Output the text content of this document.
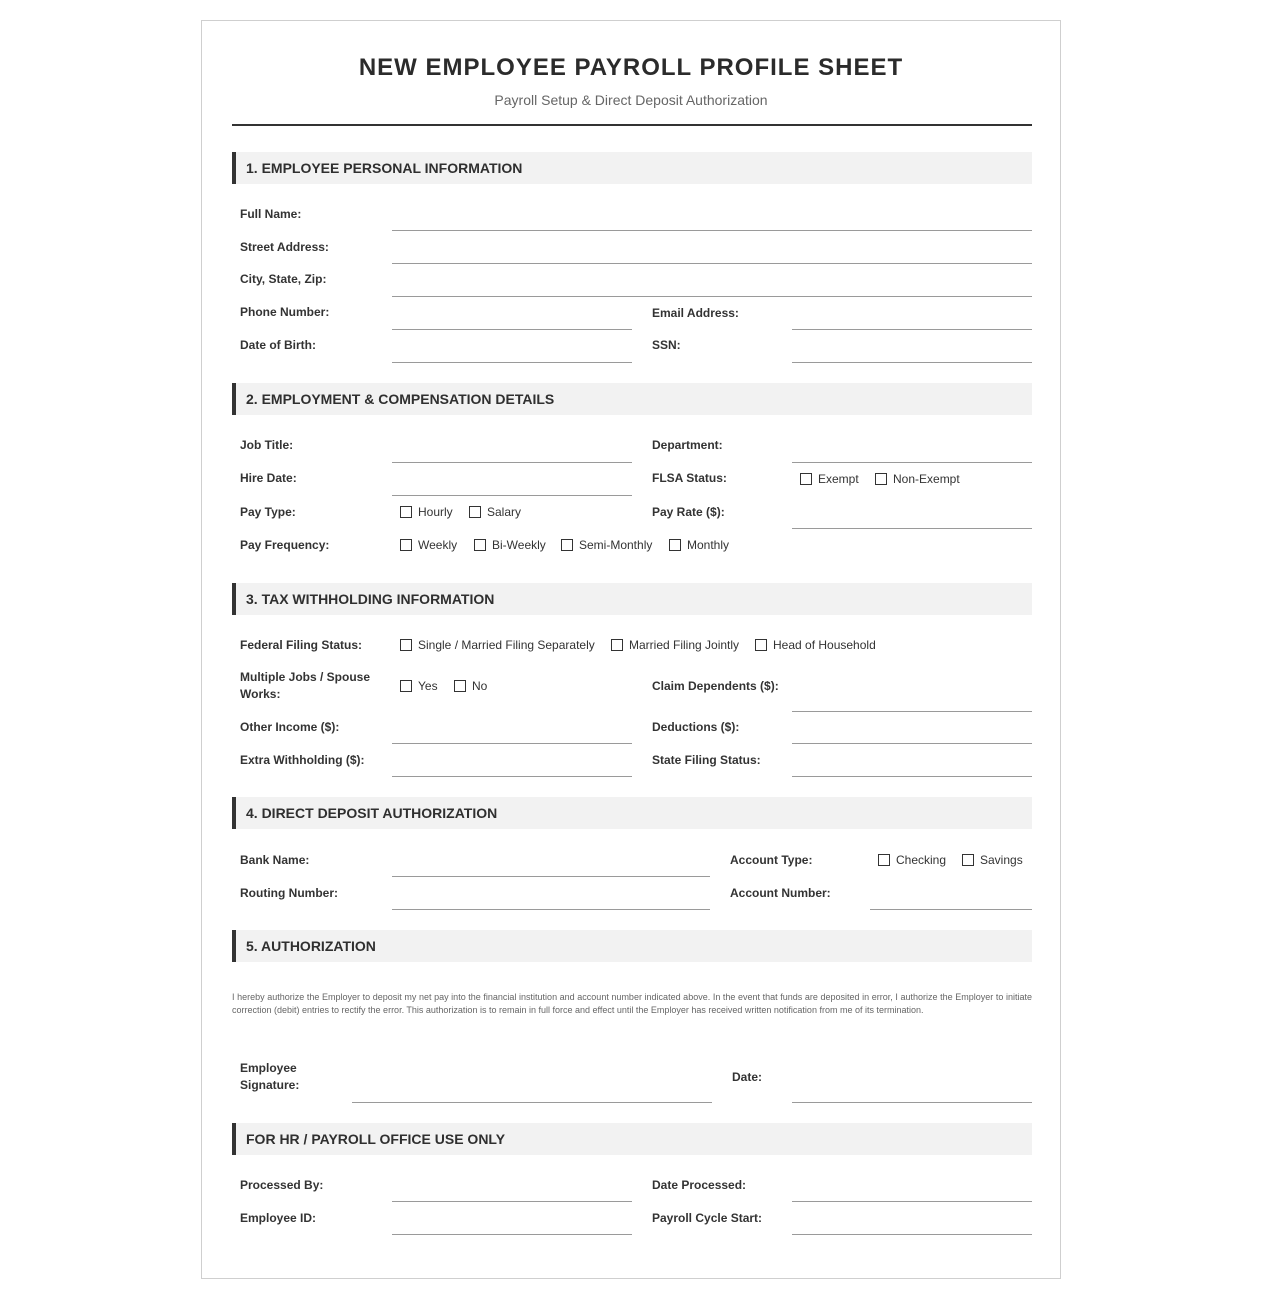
NEW EMPLOYEE PAYROLL PROFILE SHEET
Payroll Setup & Direct Deposit Authorization
1. EMPLOYEE PERSONAL INFORMATION
Full Name:
Street Address:
City, State, Zip:
Phone Number:	Email Address:
Date of Birth:	SSN:
2. EMPLOYMENT & COMPENSATION DETAILS
Job Title:	Department:
Hire Date:	FLSA Status:	Exempt	Non-Exempt
Pay Type:	Hourly	Salary	Pay Rate ($):
Pay Frequency:	Weekly	Bi-Weekly	Semi-Monthly	Monthly
3. TAX WITHHOLDING INFORMATION
Federal Filing Status:	Single / Married Filing Separately	Married Filing Jointly	Head of Household
Multiple Jobs / Spouse Works:
Yes	No	Claim Dependents ($):
Other Income ($):	Deductions ($):
Extra Withholding ($):	State Filing Status:
4. DIRECT DEPOSIT AUTHORIZATION
Bank Name:	Account Type:	Checking	Savings
Routing Number:	Account Number:
5. AUTHORIZATION
I hereby authorize the Employer to deposit my net pay into the financial institution and account number indicated above. In the event that funds are deposited in error, I authorize the Employer to initiate correction (debit) entries to rectify the error. This authorization is to remain in full force and effect until the Employer has received written notification from me of its termination.
Employee Signature:
Date:
FOR HR / PAYROLL OFFICE USE ONLY
Processed By:	Date Processed:
Employee ID:	Payroll Cycle Start:
